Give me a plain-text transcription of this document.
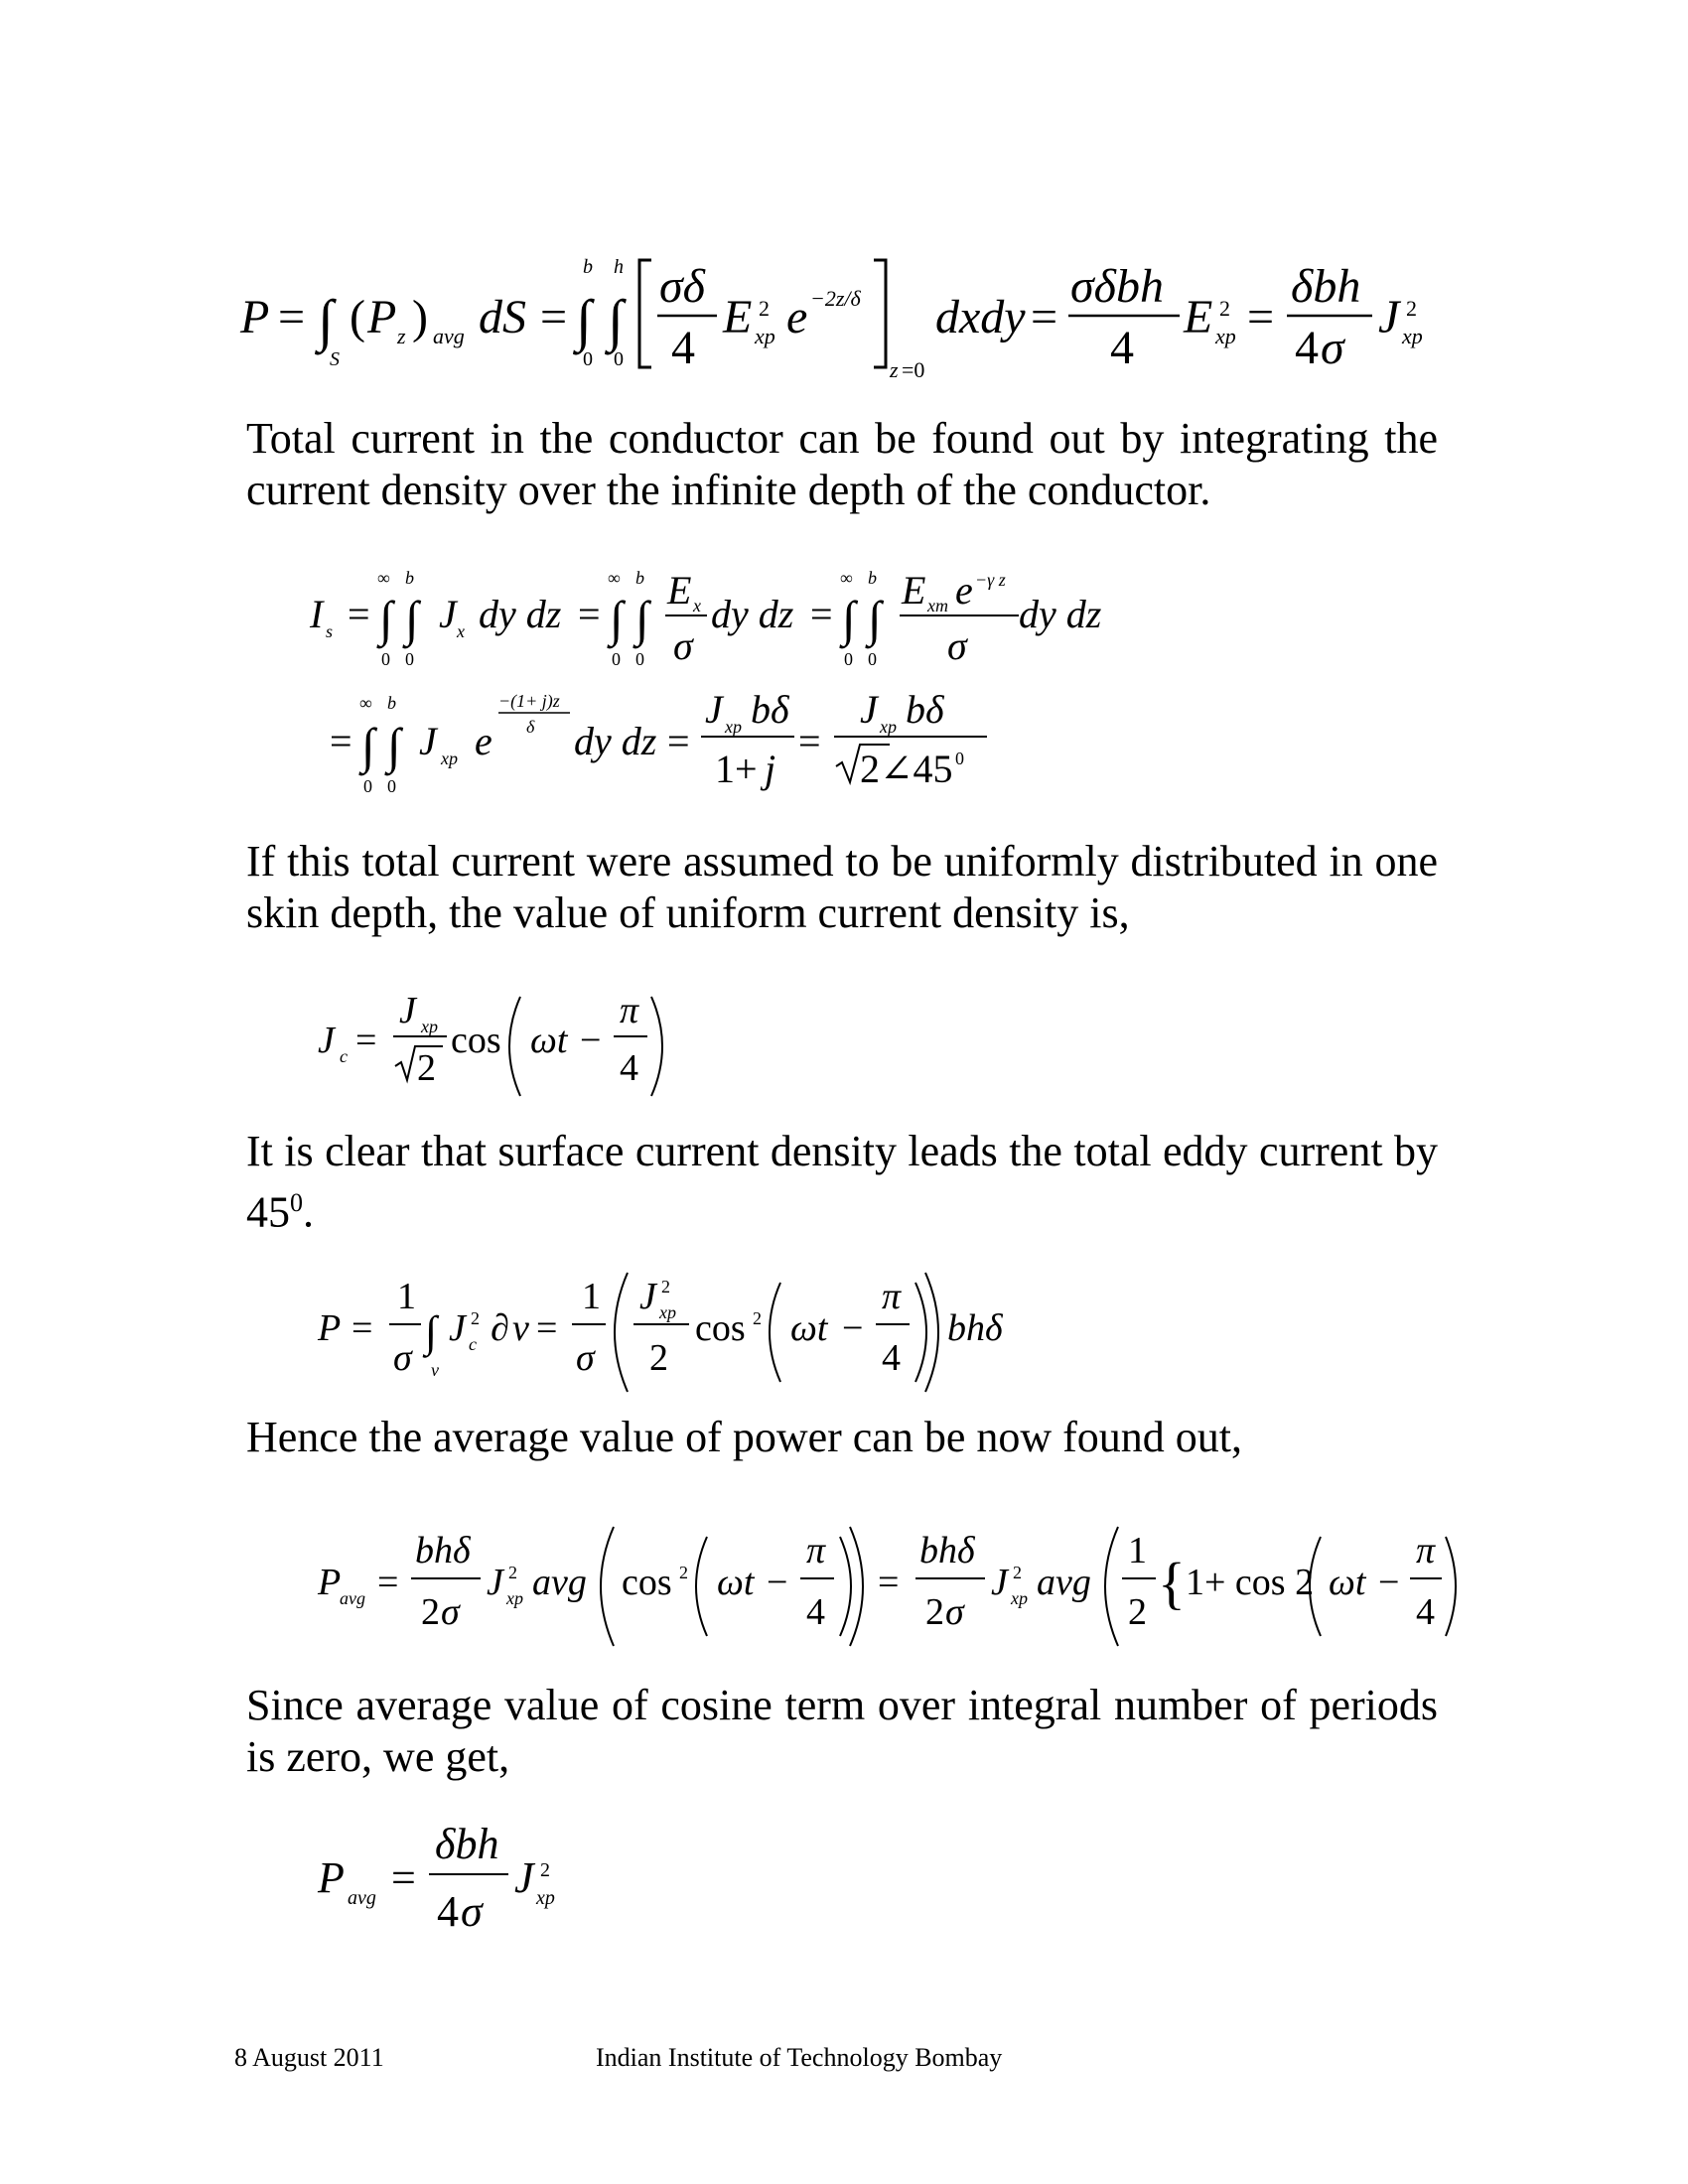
P = ∫
S
( P z ) avg dS = ∫ ∫
b h
0 0
σδ
4
E 2
xp e −2z/δ
z =0
dxdy =
σδbh
4
E 2
xp =
δbh
4 σ
J 2
xp
Total current in the conductor can be found out by integrating the current density over the infinite depth of the conductor.
I s = ∫ ∫
∞ b
0 0
J x dy dz = ∫ ∫
∞ b
0 0
E x
σ
dy dz = ∫ ∫
∞ b
0 0
E xm e −γ z
σ
dy dz
= ∫ ∫
∞ b
0 0
J xp e
−(1+ j)z
δ dy dz =
J xp bδ
1+ j
=
J xp bδ
2∠45 0
If this total current were assumed to be uniformly distributed in one skin depth, the value of uniform current density is,
J c =
J xp
2
cos ωt −
π
4
It is clear that surface current density leads the total eddy current by $45^0$.
P =
1
σ
∫
v
J 2
c ∂ v =
1
σ
J 2
xp
2
cos 2 ωt −
π
4
bhδ
Hence the average value of power can be now found out,
P
avg =
bhδ
2 σ
J 2
xp avg cos 2 ωt −
π
4
=
bhδ
2 σ
J 2
xp avg
1
2 { 1+ cos 2 ωt −
π
4
Since average value of cosine term over integral number of periods is zero, we get,
P avg =
δbh
4 σ
J 2
xp
8 August 2011	Indian Institute of Technology Bombay
